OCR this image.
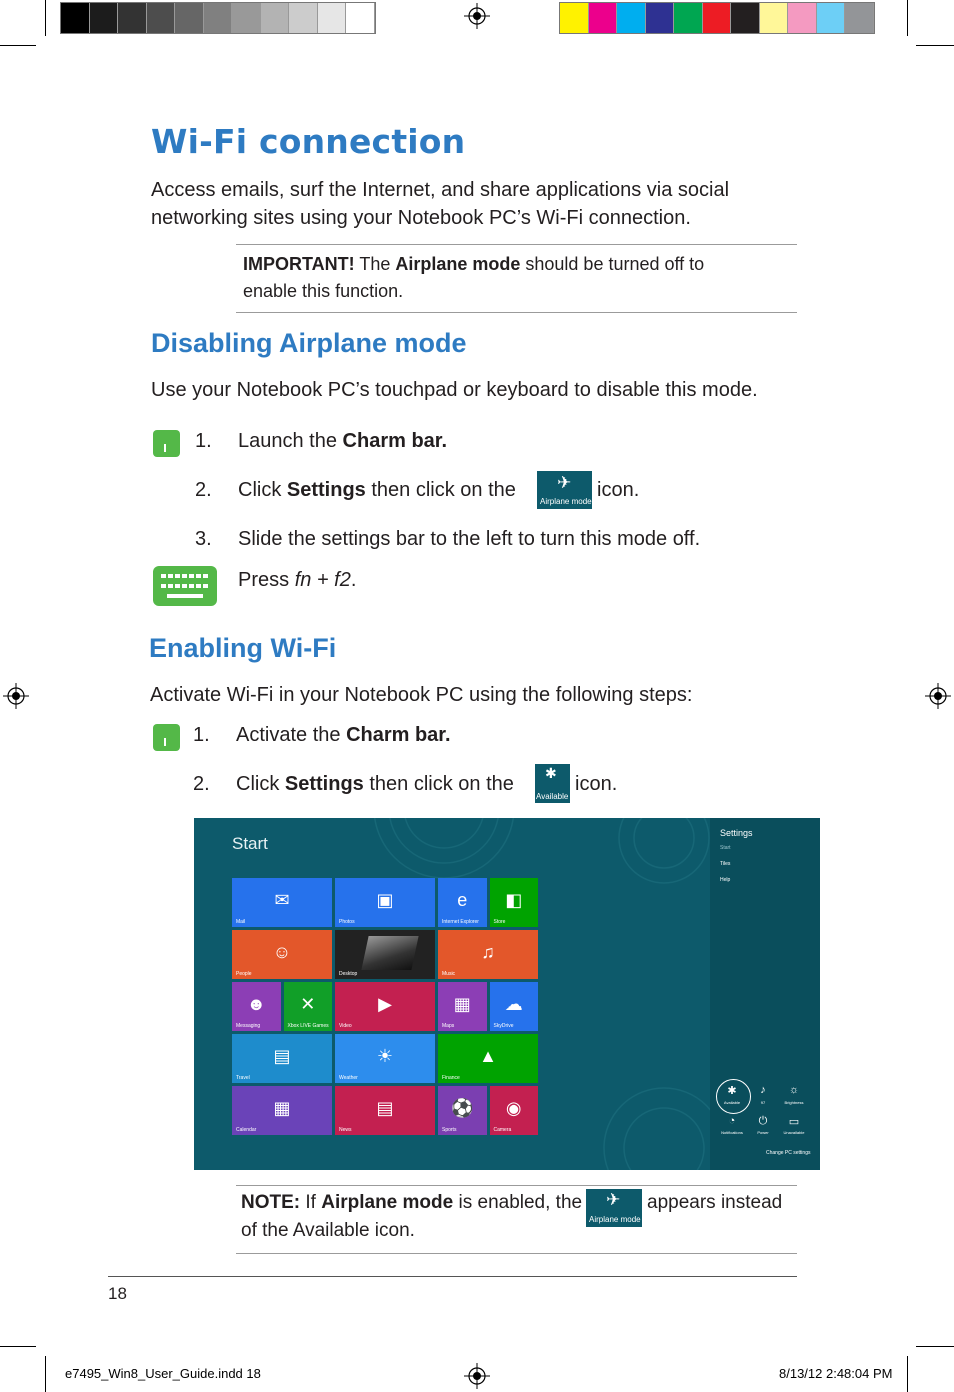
Wi-Fi connection
Access emails, surf the Internet, and share applications via social
networking sites using your Notebook PC’s Wi-Fi connection.
IMPORTANT! The Airplane mode should be turned off to
enable this function.
Disabling Airplane mode
Use your Notebook PC’s touchpad or keyboard to disable this mode.
1. Launch the Charm bar.
2. Click Settings then click on the ✈
Airplane mode
icon.
3. Slide the settings bar to the left to turn this mode off.
Press fn + f2.
Enabling Wi-Fi
Activate Wi-Fi in your Notebook PC using the following steps:
1. Activate the Charm bar.
2. Click Settings then click on the ✱
Available
icon.
Start
✉
Mail
▣
Photos
e
Internet Explorer
◧
Store
☺
People	Desktop
♫
Music
☻
Messaging
✕
Xbox LIVE Games
▶
Video
▦
Maps
☁
SkyDrive
▤
Travel
☀
Weather
▲
Finance
▦
Calendar
▤
News
⚽
Sports
◉
Camera
Settings
Start
Tiles
Help
✱
Available
♪
97
☼
Brightness
◔
Notifications
⏻
Power
▭
Unavailable
Change PC settings
NOTE: If Airplane mode is enabled, the
of the Available icon.
✈
Airplane mode
appears instead
18
e7495_Win8_User_Guide.indd 18	8/13/12 2:48:04 PM
